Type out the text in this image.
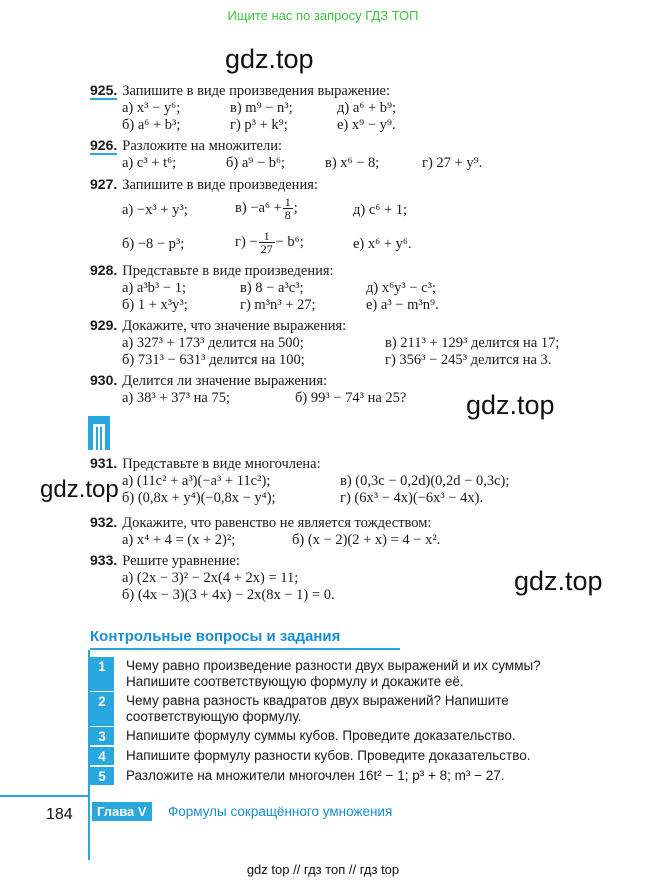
Ищите нас по запросу ГДЗ ТОП
gdz.top
925. Запишите в виде произведения выражение:
а) x³ − y⁶;	в) m⁹ − n³;	д) a⁶ + b⁹;
б) a⁶ + b³;	г) p³ + k⁹;	е) x⁹ − y⁹.
926. Разложите на множители:
а) c³ + t⁶;	б) a⁹ − b⁶;	в) x⁶ − 8;	г) 27 + y⁹.
927. Запишите в виде произведения:
а) −x³ + y³;	$в) -a^6 + \frac{1}{8}$ ;	д) c⁶ + 1;
б) −8 − p³;	$г) - \frac{1}{27} - b^6$;	е) x⁶ + y⁶.
928. Представьте в виде произведения:
а) a³b³ − 1;	в) 8 − a³c³;	д) x⁶y³ − c³;
б) 1 + x³y³;	г) m³n³ + 27;	е) a³ − m³n⁹.
929. Докажите, что значение выражения:
а) 327³ + 173³ делится на 500;	в) 211³ + 129³ делится на 17;
б) 731³ − 631³ делится на 100;	г) 356³ − 245³ делится на 3.
930. Делится ли значение выражения:
а) 38³ + 37³ на 75;	б) 99³ − 74³ на 25? gdz.top
931. Представьте в виде многочлена:
а) (11c² + a³)(−a³ + 11c²);	в) (0,3c − 0,2d)(0,2d − 0,3c);
б) (0,8x + y⁴)(−0,8x − y⁴);	г) (6x³ − 4x)(−6x³ − 4x).
gdz.top
932. Докажите, что равенство не является тождеством:
а) x⁴ + 4 = (x + 2)²;	б) (x − 2)(2 + x) = 4 − x².
933. Решите уравнение:
а) (2x − 3)² − 2x(4 + 2x) = 11;
б) (4x − 3)(3 + 4x) − 2x(8x − 1) = 0.	gdz.top
Контрольные вопросы и задания
1	Чему равно произведение разности двух выражений и их суммы? Напишите соответствующую формулу и докажите её.
2	Чему равна разность квадратов двух выражений? Напишите соответствующую формулу.
3	Напишите формулу суммы кубов. Проведите доказательство.
4	Напишите формулу разности кубов. Проведите доказательство.
5	Разложите на множители многочлен 16t² − 1; p³ + 8; m³ − 27.
184	Глава V	Формулы сокращённого умножения
gdz top // гдз топ // гдз top
